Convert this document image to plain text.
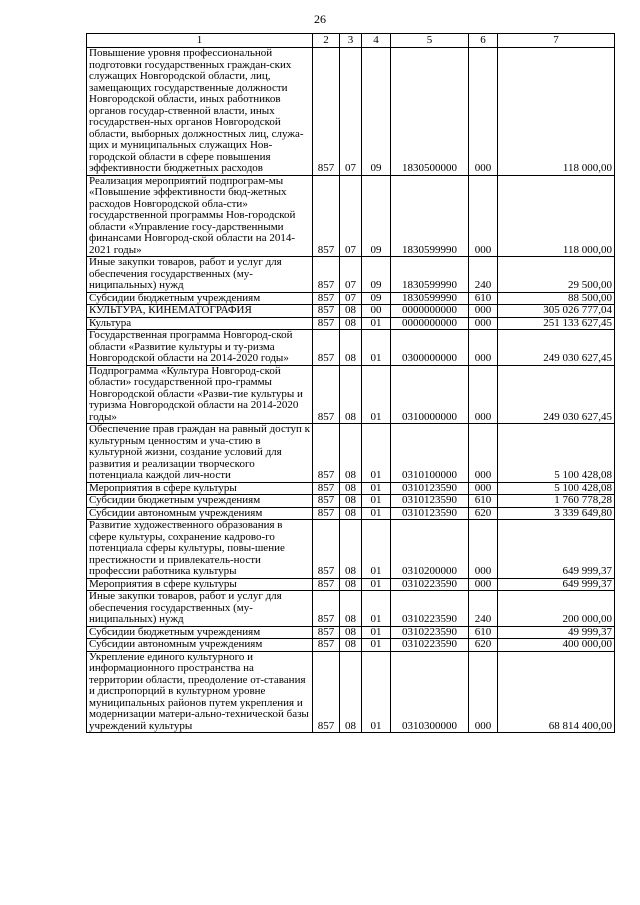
26
1	2	3	4	5	6	7
Повышение уровня профессиональной подготовки государственных граждан-ских служащих Новгородской области, лиц, замещающих государственные должности Новгородской области, иных работников органов государ-ственной власти, иных государствен-ных органов Новгородской области, выборных должностных лиц, служа-щих и муниципальных служащих Нов-городской области в сфере повышения эффективности бюджетных расходов	857	07	09	1830500000	000	118 000,00
Реализация мероприятий подпрограм-мы «Повышение эффективности бюд-жетных расходов Новгородской обла-сти» государственной программы Нов-городской области «Управление госу-дарственными финансами Новгород-ской области на 2014-2021 годы»	857	07	09	1830599990	000	118 000,00
Иные закупки товаров, работ и услуг для обеспечения государственных (му-ниципальных) нужд	857	07	09	1830599990	240	29 500,00
Субсидии бюджетным учреждениям	857	07	09	1830599990	610	88 500,00
КУЛЬТУРА, КИНЕМАТОГРАФИЯ	857	08	00	0000000000	000	305 026 777,04
Культура	857	08	01	0000000000	000	251 133 627,45
Государственная программа Новгород-ской области «Развитие культуры и ту-ризма Новгородской области на 2014-2020 годы»	857	08	01	0300000000	000	249 030 627,45
Подпрограмма «Культура Новгород-ской области» государственной про-граммы Новгородской области «Разви-тие культуры и туризма Новгородской области на 2014-2020 годы»	857	08	01	0310000000	000	249 030 627,45
Обеспечение прав граждан на равный доступ к культурным ценностям и уча-стию в культурной жизни, создание условий для развития и реализации творческого потенциала каждой лич-ности	857	08	01	0310100000	000	5 100 428,08
Мероприятия в сфере культуры	857	08	01	0310123590	000	5 100 428,08
Субсидии бюджетным учреждениям	857	08	01	0310123590	610	1 760 778,28
Субсидии автономным учреждениям	857	08	01	0310123590	620	3 339 649,80
Развитие художественного образования в сфере культуры, сохранение кадрово-го потенциала сферы культуры, повы-шение престижности и привлекатель-ности профессии работника культуры	857	08	01	0310200000	000	649 999,37
Мероприятия в сфере культуры	857	08	01	0310223590	000	649 999,37
Иные закупки товаров, работ и услуг для обеспечения государственных (му-ниципальных) нужд	857	08	01	0310223590	240	200 000,00
Субсидии бюджетным учреждениям	857	08	01	0310223590	610	49 999,37
Субсидии автономным учреждениям	857	08	01	0310223590	620	400 000,00
Укрепление единого культурного и информационного пространства на территории области, преодоление от-ставания и диспропорций в культурном уровне муниципальных районов путем укрепления и модернизации матери-ально-технической базы учреждений культуры	857	08	01	0310300000	000	68 814 400,00
